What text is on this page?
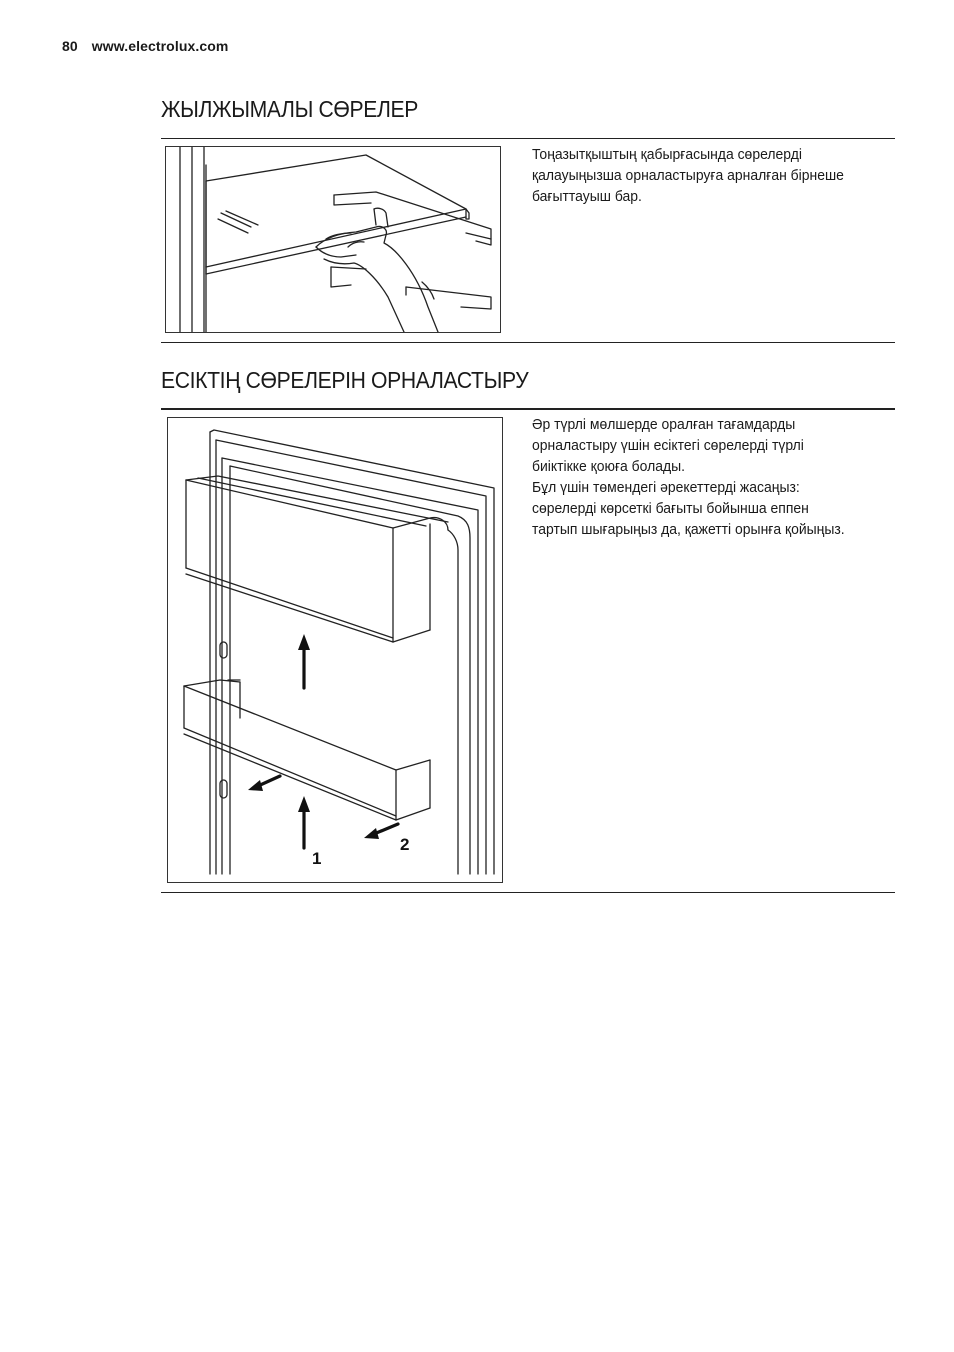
80 www.electrolux.com
ЖЫЛЖЫМАЛЫ СӨРЕЛЕР

Тоңазытқыштың қабырғасында сөрелерді қалауыңызша орналастыруға арналған бірнеше бағыттауыш бар.

ЕСІКТІҢ СӨРЕЛЕРІН ОРНАЛАСТЫРУ
1
2

Әр түрлі мөлшерде оралған тағамдарды орналастыру үшін есіктегі сөрелерді түрлі биіктікке қоюға болады.

Бұл үшін төмендегі әрекеттерді жасаңыз: сөрелерді көрсеткі бағыты бойынша еппен тартып шығарыңыз да, қажетті орынға қойыңыз.
